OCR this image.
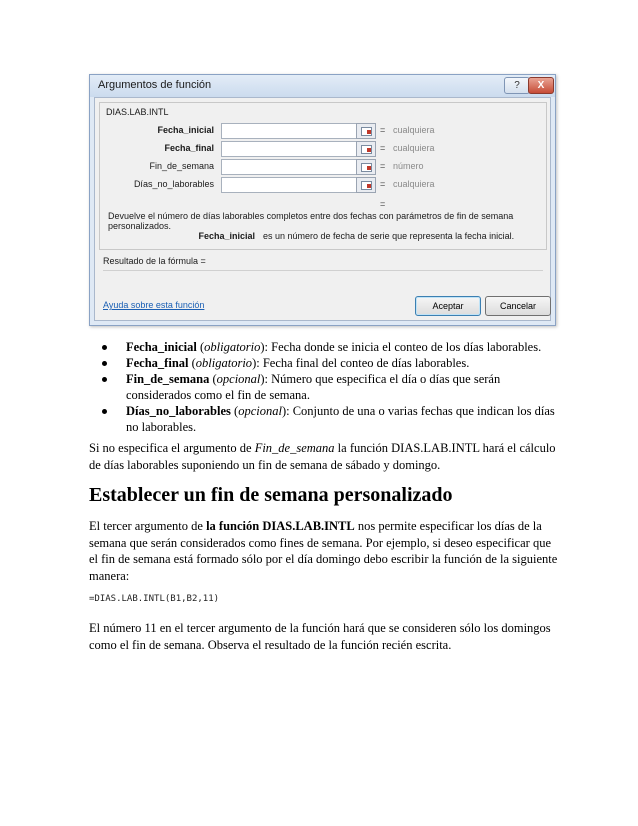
Argumentos de función	?	X
DIAS.LAB.INTL
Fecha_inicial	= cualquiera
Fecha_final	= cualquiera
Fin_de_semana	= número
Días_no_laborables	= cualquiera
=
Devuelve el número de días laborables completos entre dos fechas con parámetros de fin de semana personalizados.
Fecha_inicial es un número de fecha de serie que representa la fecha inicial.
Resultado de la fórmula =
Ayuda sobre esta función	Aceptar	Cancelar
Fecha_inicial (obligatorio): Fecha donde se inicia el conteo de los días laborables.
Fecha_final (obligatorio): Fecha final del conteo de días laborables.
Fin_de_semana (opcional): Número que especifica el día o días que serán considerados como el fin de semana.
Días_no_laborables (opcional): Conjunto de una o varias fechas que indican los días no laborables.

Si no especifica el argumento de Fin_de_semana la función DIAS.LAB.INTL hará el cálculo de días laborables suponiendo un fin de semana de sábado y domingo.

Establecer un fin de semana personalizado

El tercer argumento de la función DIAS.LAB.INTL nos permite especificar los días de la semana que serán considerados como fines de semana. Por ejemplo, si deseo especificar que el fin de semana está formado sólo por el día domingo debo escribir la función de la siguiente manera:

=DIAS.LAB.INTL(B1,B2,11)

El número 11 en el tercer argumento de la función hará que se consideren sólo los domingos como el fin de semana. Observa el resultado de la función recién escrita.
